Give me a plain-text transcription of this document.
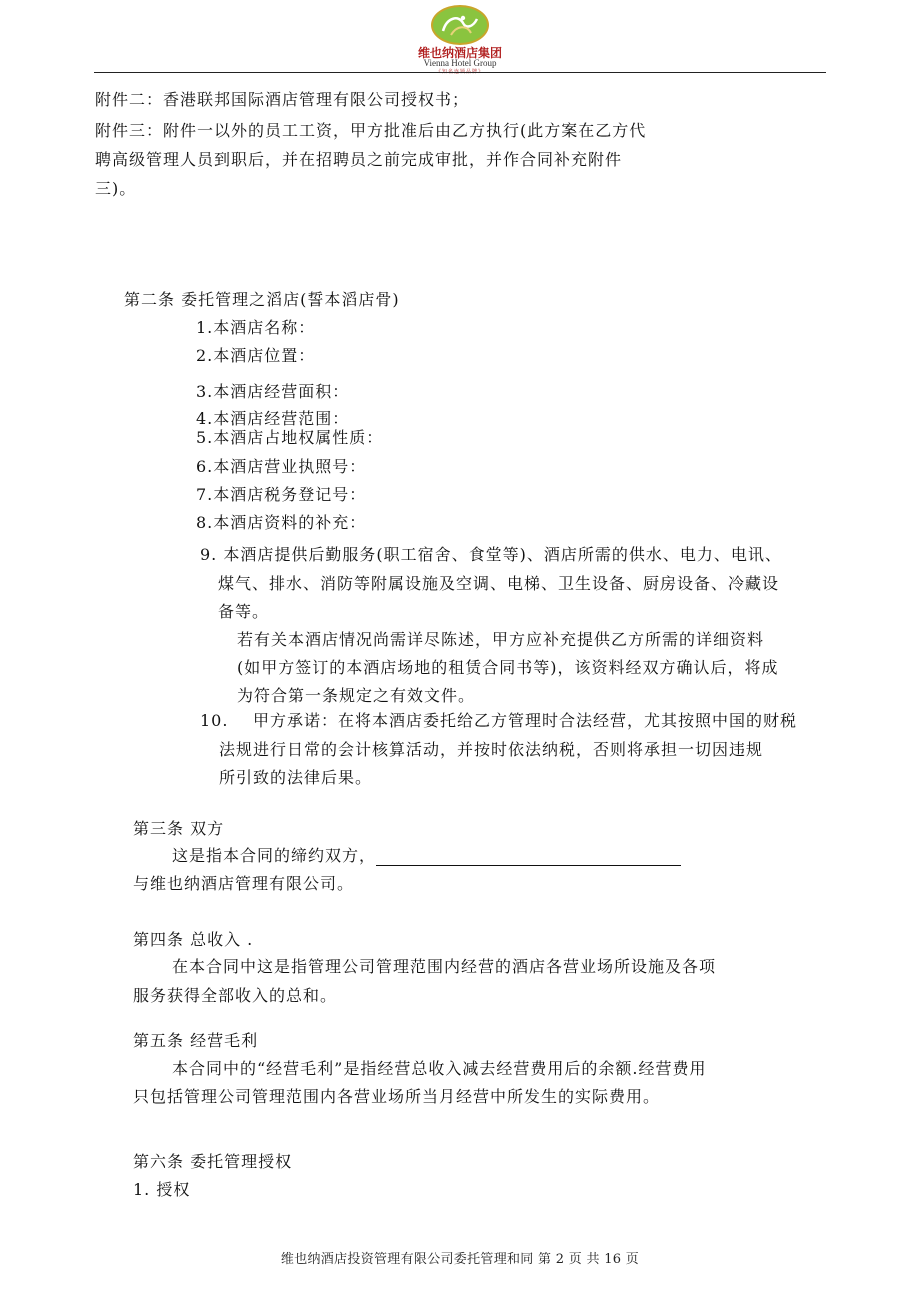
维也纳酒店集团
Vienna Hotel Group
附件二：香港联邦国际酒店管理有限公司授权书；
附件三：附件一以外的员工工资，甲方批准后由乙方执行(此方案在乙方代
聘高级管理人员到职后，并在招聘员之前完成审批，并作合同补充附件
三)。
第二条 委托管理之滔店(誓本滔店骨)
1.本酒店名称：
2.本酒店位置：
3.本酒店经营面积：
4.本酒店经营范围：
5.本酒店占地权属性质：
6.本酒店营业执照号：
7.本酒店税务登记号：
8.本酒店资料的补充：
9. 本酒店提供后勤服务(职工宿舍、食堂等)、酒店所需的供水、电力、电讯、
煤气、排水、消防等附属设施及空调、电梯、卫生设备、厨房设备、冷藏设
备等。
若有关本酒店情况尚需详尽陈述，甲方应补充提供乙方所需的详细资料
(如甲方签订的本酒店场地的租赁合同书等)，该资料经双方确认后，将成
为符合第一条规定之有效文件。
10. 甲方承诺：在将本酒店委托给乙方管理时合法经营，尤其按照中国的财税
法规进行日常的会计核算活动，并按时依法纳税，否则将承担一切因违规
所引致的法律后果。
第三条 双方
这是指本合同的缔约双方，
与维也纳酒店管理有限公司。
第四条 总收入 .
在本合同中这是指管理公司管理范围内经营的酒店各营业场所设施及各项
服务获得全部收入的总和。
第五条 经营毛利
本合同中的“经营毛利”是指经营总收入减去经营费用后的余额.经营费用
只包括管理公司管理范围内各营业场所当月经营中所发生的实际费用。
第六条 委托管理授权
1. 授权
维也纳酒店投资管理有限公司委托管理和同 第 2 页 共 16 页
